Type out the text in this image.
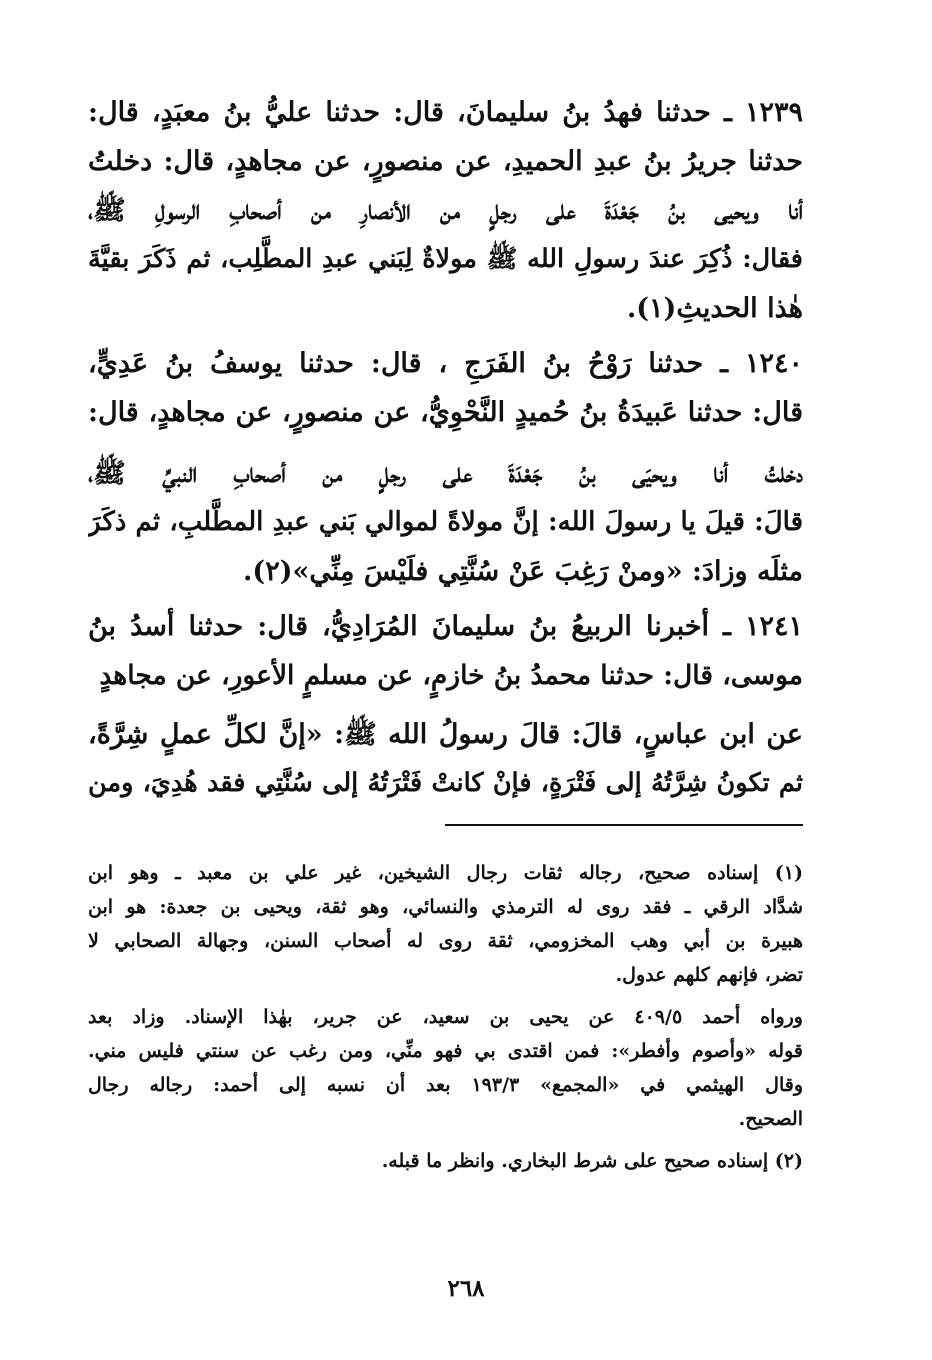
١٢٣٩ ـ حدثنا فهدُ بنُ سليمانَ، قال: حدثنا عليُّ بنُ معبَدٍ، قال:
حدثنا جريرُ بنُ عبدِ الحميدِ، عن منصورٍ، عن مجاهدٍ، قال: دخلتُ
أنا ويحيى بنُ جَعْدَةَ على رجلٍ من الأنصارِ من أصحابِ الرسولِ ﷺ،
فقال: ذُكِرَ عندَ رسولِ الله ﷺ مولاةٌ لِبَني عبدِ المطَّلِب، ثم ذَكَرَ بقيَّةَ
هٰذا الحديثِ(١).
١٢٤٠ ـ حدثنا رَوْحُ بنُ الفَرَجِ ، قال: حدثنا يوسفُ بنُ عَدِيٍّ،
قال: حدثنا عَبيدَةُ بنُ حُميدٍ النَّحْوِيُّ، عن منصورٍ، عن مجاهدٍ، قال:
دخلتُ أنا ويحيَى بنُ جَعْدَةَ على رجلٍ من أصحابِ النبيِّ ﷺ،
قالَ: قيلَ يا رسولَ الله: إنَّ مولاةً لموالي بَني عبدِ المطَّلبِ، ثم ذكَرَ
مثلَه وزادَ: «ومنْ رَغِبَ عَنْ سُنَّتِي فلَيْسَ مِنِّي»(٢).
١٢٤١ ـ أخبرنا الربيعُ بنُ سليمانَ المُرَادِيُّ، قال: حدثنا أسدُ بنُ
موسى، قال: حدثنا محمدُ بنُ خازمٍ، عن مسلمٍ الأعورِ، عن مجاهدٍ
عن ابن عباسٍ، قالَ: قالَ رسولُ الله ﷺ: «إنَّ لكلِّ عملٍ شِرَّةً،
ثم تكونُ شِرَّتُهُ إلى فَتْرَةٍ، فإنْ كانتْ فَتْرَتُهُ إلى سُنَّتِي فقد هُدِيَ، ومن
(١) إسناده صحيح، رجاله ثقات رجال الشيخين، غير علي بن معبد ـ وهو ابن
شدَّاد الرقي ـ فقد روى له الترمذي والنسائي، وهو ثقة، ويحيى بن جعدة: هو ابن
هبيرة بن أبي وهب المخزومي، ثقة روى له أصحاب السنن، وجهالة الصحابي لا
تضر، فإنهم كلهم عدول.
ورواه أحمد ٤٠٩/٥ عن يحيى بن سعيد، عن جرير، بهٰذا الإسناد. وزاد بعد
قوله «وأصوم وأفطر»: فمن اقتدى بي فهو منِّي، ومن رغب عن سنتي فليس مني.
وقال الهيثمي في «المجمع» ١٩٣/٣ بعد أن نسبه إلى أحمد: رجاله رجال
الصحيح.
(٢) إسناده صحيح على شرط البخاري. وانظر ما قبله.
٢٦٨
